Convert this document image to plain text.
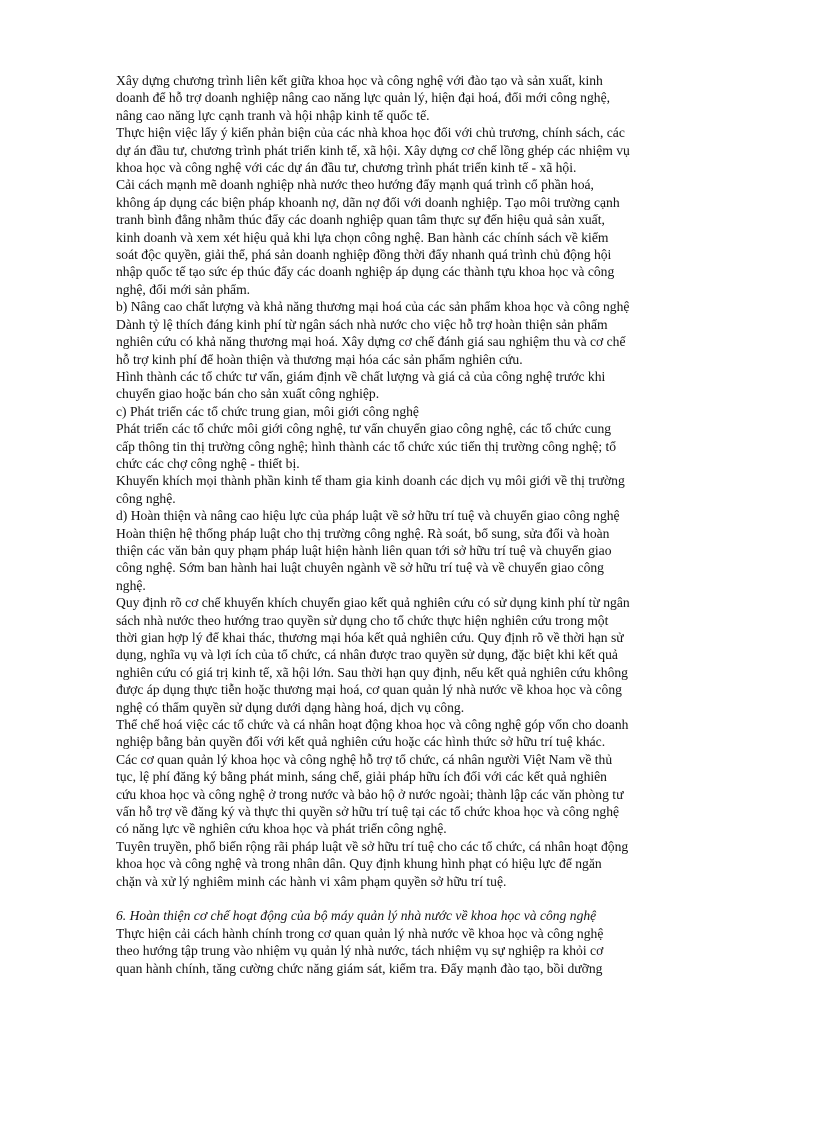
Xây dựng chương trình liên kết giữa khoa học và công nghệ với đào tạo và sản xuất, kinh

doanh để hỗ trợ doanh nghiệp nâng cao năng lực quản lý, hiện đại hoá, đổi mới công nghệ,

nâng cao năng lực cạnh tranh và hội nhập kinh tế quốc tế.

Thực hiện việc lấy ý kiến phản biện của các nhà khoa học đối với chủ trương, chính sách, các

dự án đầu tư, chương trình phát triển kinh tế, xã hội. Xây dựng cơ chế lồng ghép các nhiệm vụ

khoa học và công nghệ với các dự án đầu tư, chương trình phát triển kinh tế - xã hội.

Cải cách mạnh mẽ doanh nghiệp nhà nước theo hướng đẩy mạnh quá trình cổ phần hoá,

không áp dụng các biện pháp khoanh nợ, dãn nợ đối với doanh nghiệp. Tạo môi trường cạnh

tranh bình đẳng nhằm thúc đẩy các doanh nghiệp quan tâm thực sự đến hiệu quả sản xuất,

kinh doanh và xem xét hiệu quả khi lựa chọn công nghệ. Ban hành các chính sách về kiểm

soát độc quyền, giải thể, phá sản doanh nghiệp đồng thời đẩy nhanh quá trình chủ động hội

nhập quốc tế tạo sức ép thúc đẩy các doanh nghiệp áp dụng các thành tựu khoa học và công

nghệ, đổi mới sản phẩm.

b) Nâng cao chất lượng và khả năng thương mại hoá của các sản phẩm khoa học và công nghệ

Dành tỷ lệ thích đáng kinh phí từ ngân sách nhà nước cho việc hỗ trợ hoàn thiện sản phẩm

nghiên cứu có khả năng thương mại hoá. Xây dựng cơ chế đánh giá sau nghiệm thu và cơ chế

hỗ trợ kinh phí để hoàn thiện và thương mại hóa các sản phẩm nghiên cứu.

Hình thành các tổ chức tư vấn, giám định về chất lượng và giá cả của công nghệ trước khi

chuyển giao hoặc bán cho sản xuất công nghiệp.

c) Phát triển các tổ chức trung gian, môi giới công nghệ

Phát triển các tổ chức môi giới công nghệ, tư vấn chuyển giao công nghệ, các tổ chức cung

cấp thông tin thị trường công nghệ; hình thành các tổ chức xúc tiến thị trường công nghệ; tổ

chức các chợ công nghệ - thiết bị.

Khuyến khích mọi thành phần kinh tế tham gia kinh doanh các dịch vụ môi giới về thị trường

công nghệ.

d) Hoàn thiện và nâng cao hiệu lực của pháp luật về sở hữu trí tuệ và chuyển giao công nghệ

Hoàn thiện hệ thống pháp luật cho thị trường công nghệ. Rà soát, bổ sung, sửa đổi và hoàn

thiện các văn bản quy phạm pháp luật hiện hành liên quan tới sở hữu trí tuệ và chuyển giao

công nghệ. Sớm ban hành hai luật chuyên ngành về sở hữu trí tuệ và về chuyển giao công

nghệ.

Quy định rõ cơ chế khuyến khích chuyển giao kết quả nghiên cứu có sử dụng kinh phí từ ngân

sách nhà nước theo hướng trao quyền sử dụng cho tổ chức thực hiện nghiên cứu trong một

thời gian hợp lý để khai thác, thương mại hóa kết quả nghiên cứu. Quy định rõ về thời hạn sử

dụng, nghĩa vụ và lợi ích của tổ chức, cá nhân được trao quyền sử dụng, đặc biệt khi kết quả

nghiên cứu có giá trị kinh tế, xã hội lớn. Sau thời hạn quy định, nếu kết quả nghiên cứu không

được áp dụng thực tiễn hoặc thương mại hoá, cơ quan quản lý nhà nước về khoa học và công

nghệ có thẩm quyền sử dụng dưới dạng hàng hoá, dịch vụ công.

Thể chế hoá việc các tổ chức và cá nhân hoạt động khoa học và công nghệ góp vốn cho doanh

nghiệp bằng bản quyền đối với kết quả nghiên cứu hoặc các hình thức sở hữu trí tuệ khác.

Các cơ quan quản lý khoa học và công nghệ hỗ trợ tổ chức, cá nhân người Việt Nam về thủ

tục, lệ phí đăng ký bằng phát minh, sáng chế, giải pháp hữu ích đối với các kết quả nghiên

cứu khoa học và công nghệ ở trong nước và bảo hộ ở nước ngoài; thành lập các văn phòng tư

vấn hỗ trợ về đăng ký và thực thi quyền sở hữu trí tuệ tại các tổ chức khoa học và công nghệ

có năng lực về nghiên cứu khoa học và phát triển công nghệ.

Tuyên truyền, phổ biến rộng rãi pháp luật về sở hữu trí tuệ cho các tổ chức, cá nhân hoạt động

khoa học và công nghệ và trong nhân dân. Quy định khung hình phạt có hiệu lực để ngăn

chặn và xử lý nghiêm minh các hành vi xâm phạm quyền sở hữu trí tuệ.

6. Hoàn thiện cơ chế hoạt động của bộ máy quản lý nhà nước về khoa học và công nghệ

Thực hiện cải cách hành chính trong cơ quan quản lý nhà nước về khoa học và công nghệ

theo hướng tập trung vào nhiệm vụ quản lý nhà nước, tách nhiệm vụ sự nghiệp ra khỏi cơ

quan hành chính, tăng cường chức năng giám sát, kiểm tra. Đẩy mạnh đào tạo, bồi dưỡng
